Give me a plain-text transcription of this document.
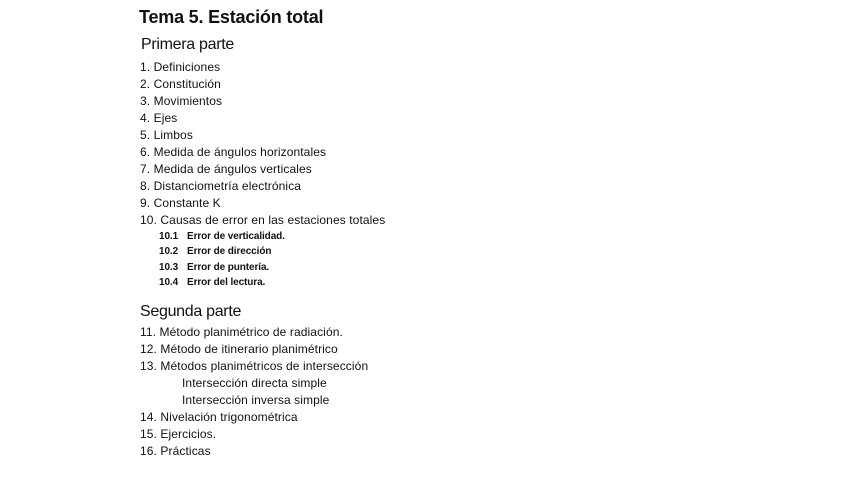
Tema 5. Estación total
Primera parte
1. Definiciones
2. Constitución
3. Movimientos
4. Ejes
5. Limbos
6. Medida de ángulos horizontales
7. Medida de ángulos verticales
8. Distanciometría electrónica
9. Constante K
10. Causas de error en las estaciones totales
10.1 Error de verticalidad.
10.2 Error de dirección
10.3 Error de puntería.
10.4 Error del lectura.
Segunda parte
11. Método planimétrico de radiación.
12. Método de itinerario planimétrico
13. Métodos planimétricos de intersección
Intersección directa simple
Intersección inversa simple
14. Nivelación trigonométrica
15. Ejercicios.
16. Prácticas
